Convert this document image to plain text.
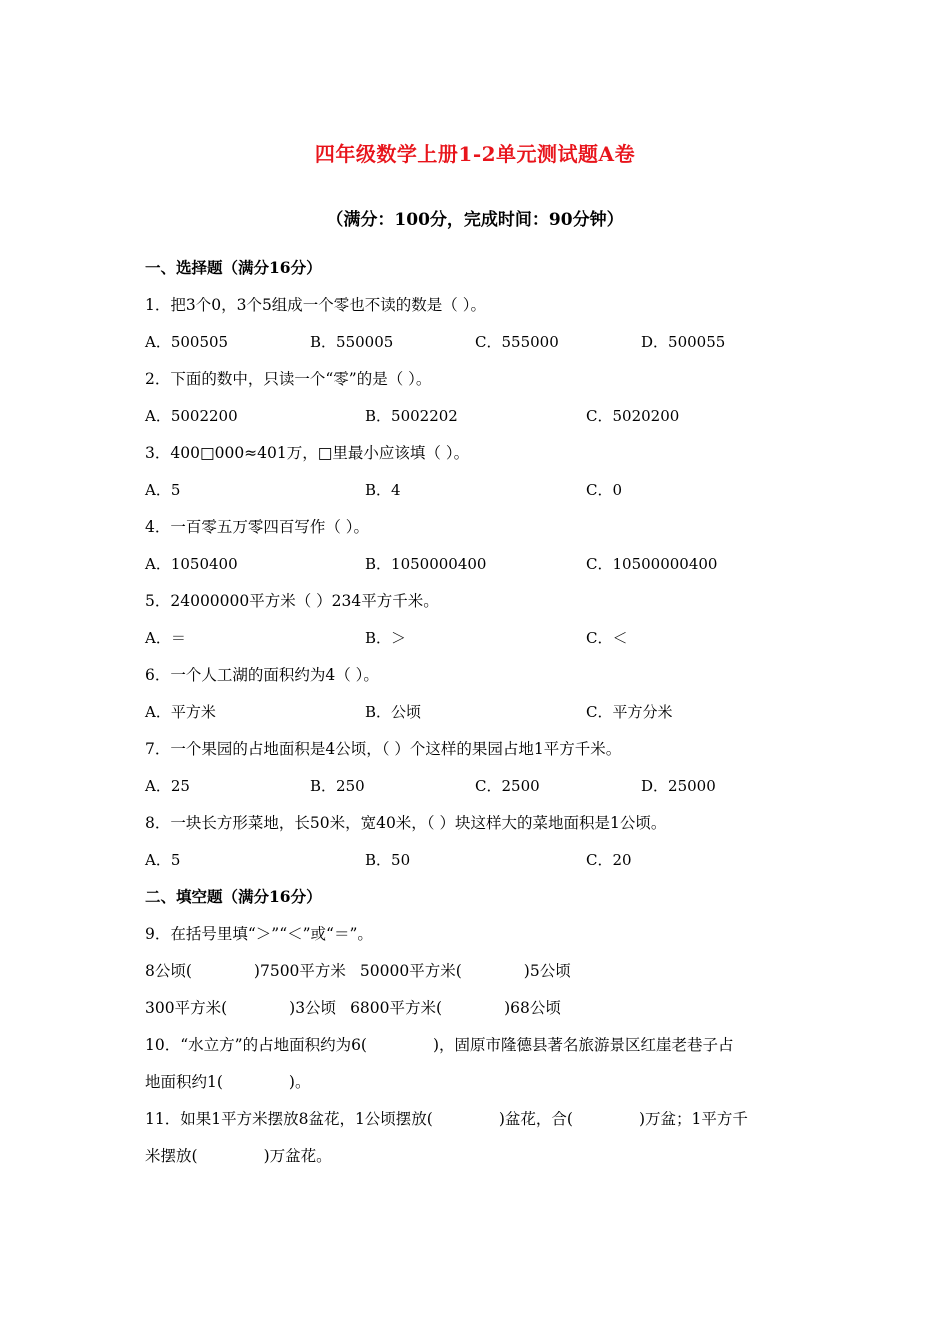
四年级数学上册1-2单元测试题A卷
（满分：100分，完成时间：90分钟）
一、选择题（满分16分）
1．把3个0，3个5组成一个零也不读的数是（ ）。
A．500505	B．550005	C．555000	D．500055
2．下面的数中，只读一个“零”的是（ ）。
A．5002200	B．5002202	C．5020200
3．400□000≈401万，□里最小应该填（ ）。
A．5	B．4	C．0
4．一百零五万零四百写作（ ）。
A．1050400	B．1050000400	C．10500000400
5．24000000平方米（ ）234平方千米。
A．＝	B．＞	C．＜
6．一个人工湖的面积约为4（ ）。
A．平方米	B．公顷	C．平方分米
7．一个果园的占地面积是4公顷，（ ）个这样的果园占地1平方千米。
A．25	B．250	C．2500	D．25000
8．一块长方形菜地，长50米，宽40米，（ ）块这样大的菜地面积是1公顷。
A．5	B．50	C．20
二、填空题（满分16分）
9．在括号里填“＞”“＜”或“＝”。
8公顷(	)7500平方米 50000平方米(	)5公顷
300平方米(	)3公顷 6800平方米(	)68公顷
10．“水立方”的占地面积约为6(	)，固原市隆德县著名旅游景区红崖老巷子占
地面积约1(	)。
11．如果1平方米摆放8盆花，1公顷摆放(	)盆花，合(	)万盆；1平方千
米摆放(	)万盆花。
